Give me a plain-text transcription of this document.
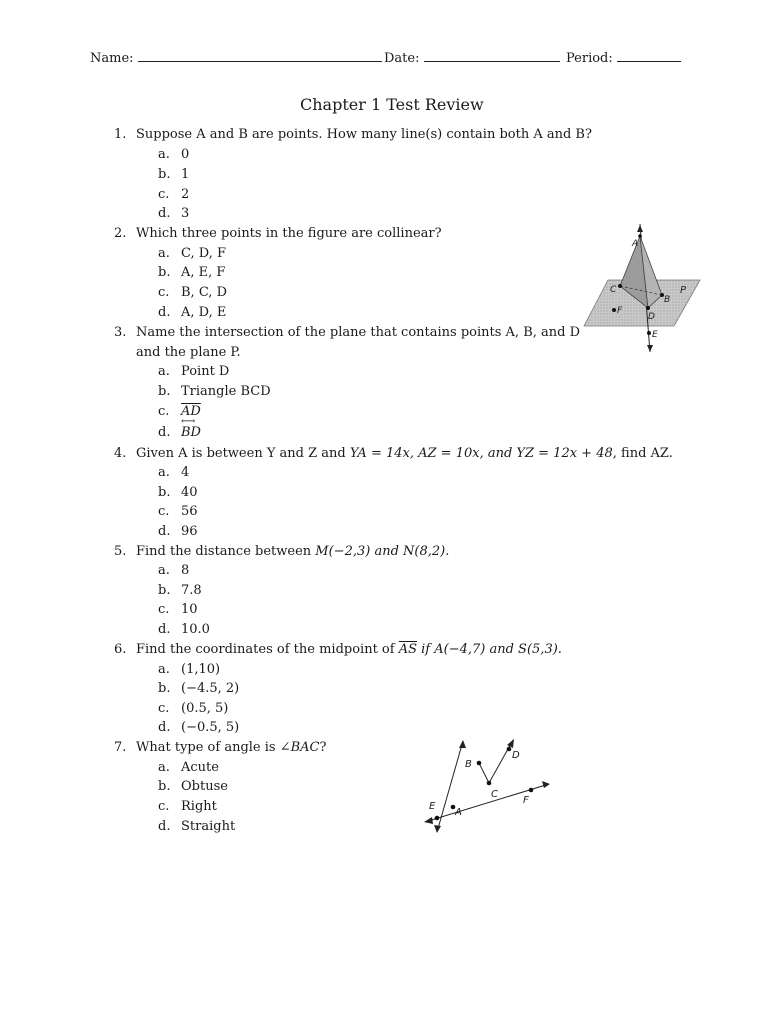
Name:	Date:	Period:
Chapter 1 Test Review
1. Suppose A and B are points. How many line(s) contain both A and B?
a. 0
b. 1
c. 2
d. 3
2. Which three points in the figure are collinear?
a. C, D, F
b. A, E, F
c. B, C, D
d. A, D, E
A
C
B
D
F
E
P
3. Name the intersection of the plane that contains points A, B, and D
and the plane P.
a. Point D
b. Triangle BCD
c. $\overline{AD}$
d.
⟷
BD
4. Given A is between Y and Z and YA = 14x, AZ = 10x, and YZ = 12x + 48, find AZ.
a. 4
b. 40
c. 56
d. 96
5. Find the distance between M(−2,3) and N(8,2).
a. 8
b. 7.8
c. 10
d. 10.0
6. Find the coordinates of the midpoint of $\overline{AS}$ if A(−4,7) and S(5,3).
a. (1,10)
b. (−4.5, 2)
c. (0.5, 5)
d. (−0.5, 5)
7. What type of angle is ∠BAC?
a. Acute
b. Obtuse
c. Right
d. Straight
B
C
A
E
F
D
